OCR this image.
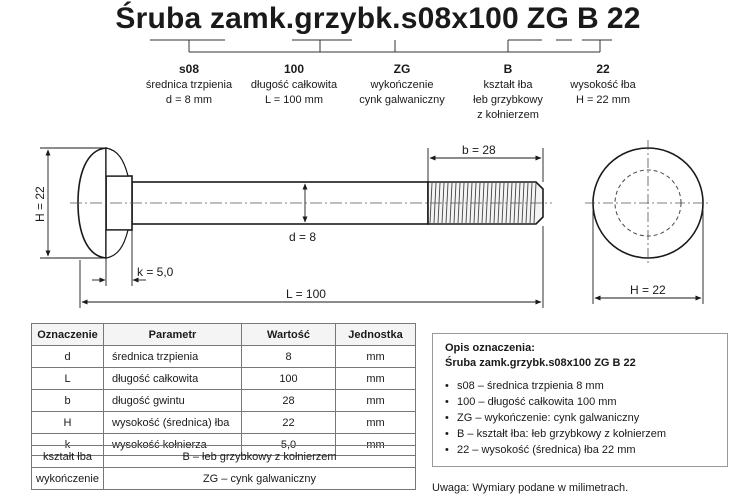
b = 28
d = 8
H = 22
k = 5,0
L = 100	H = 22
Śruba zamk.grzybk.s08x100 ZG B 22
s08
średnica trzpienia
d = 8 mm
100
długość całkowita
L = 100 mm
ZG
wykończenie
cynk galwaniczny
B
kształt łba
łeb grzybkowy
z kołnierzem
22
wysokość łba
H = 22 mm
Oznaczenie	Parametr	Wartość	Jednostka
d	średnica trzpienia	8	mm
L	długość całkowita	100	mm
b	długość gwintu	28	mm
H	wysokość (średnica) łba	22	mm
k	wysokość kołnierza	5,0	mm
kształt łba	B – łeb grzybkowy z kołnierzem
wykończenie	ZG – cynk galwaniczny
Opis oznaczenia:
Śruba zamk.grzybk.s08x100 ZG B 22
• s08 – średnica trzpienia 8 mm
• 100 – długość całkowita 100 mm
• ZG – wykończenie: cynk galwaniczny
• B – kształt łba: łeb grzybkowy z kołnierzem
• 22 – wysokość (średnica) łba 22 mm
Uwaga: Wymiary podane w milimetrach.
